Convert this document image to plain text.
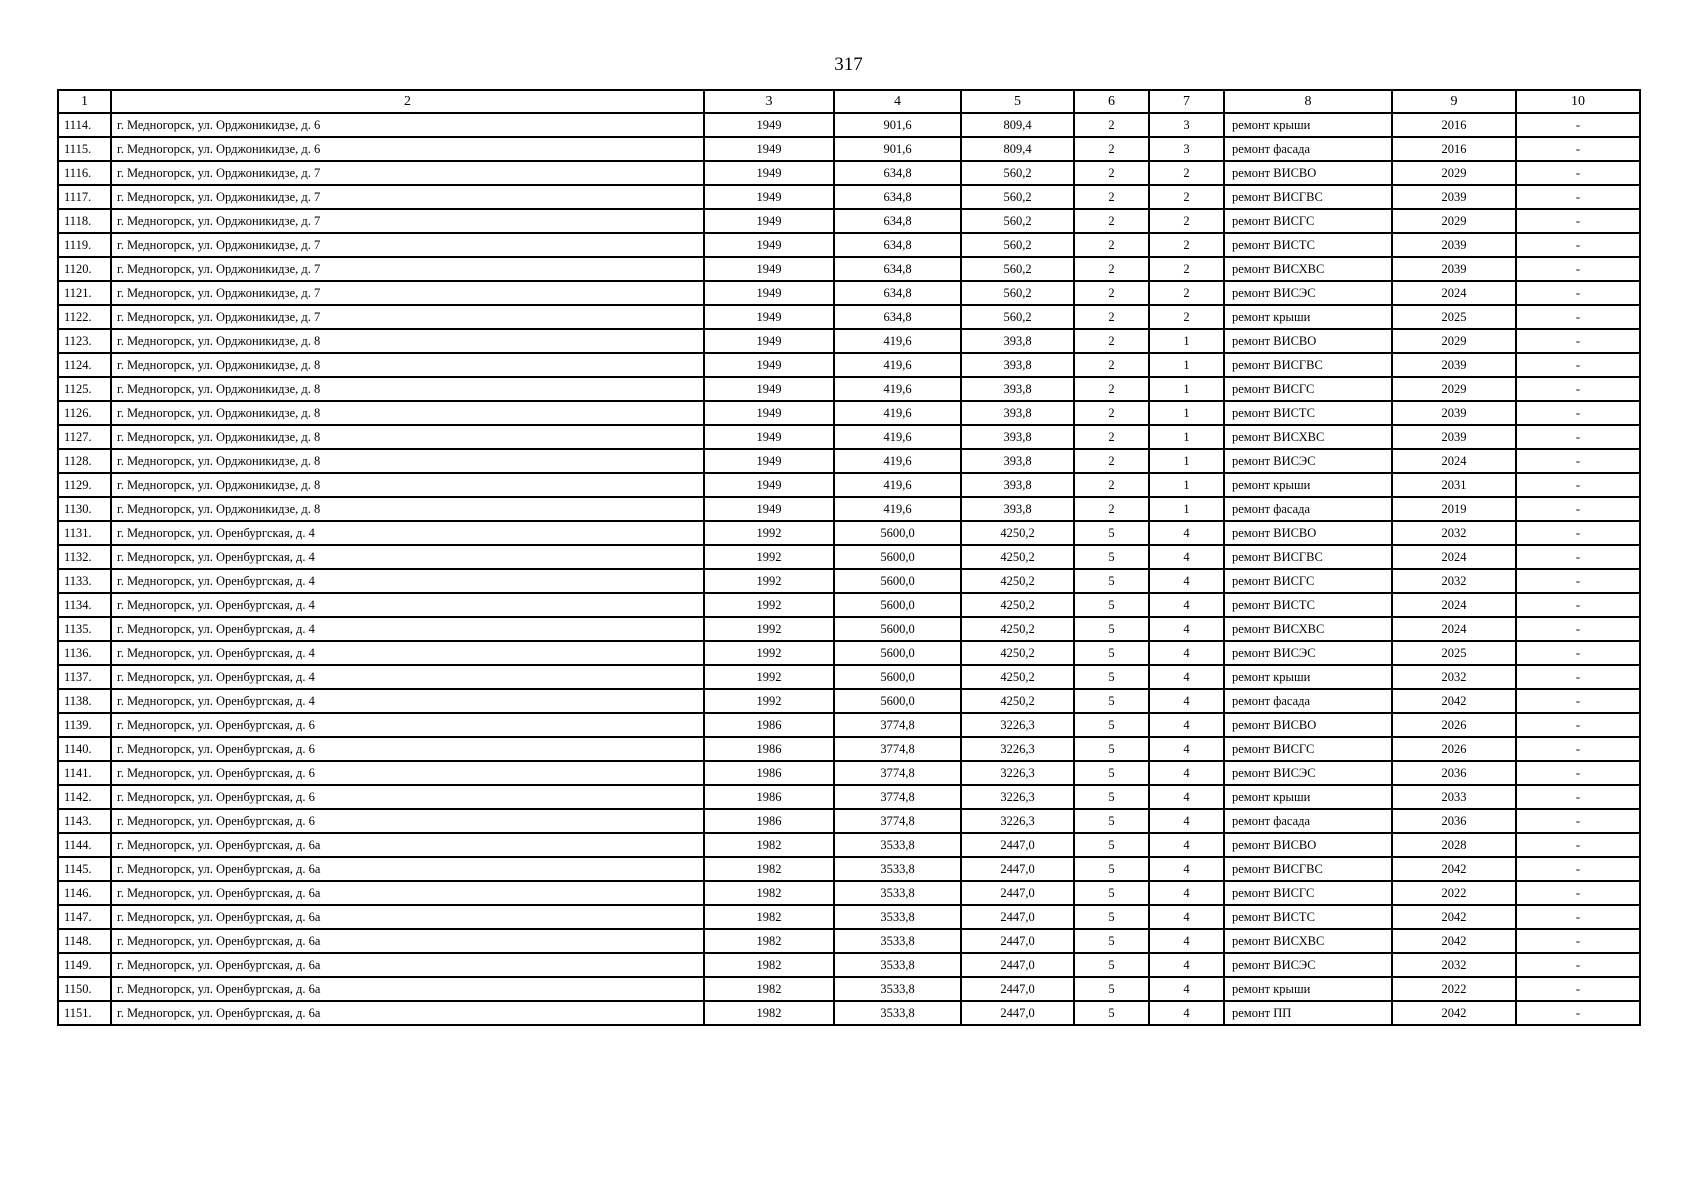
317
1	2	3	4	5	6	7	8	9	10
1114.	г. Медногорск, ул. Орджоникидзе, д. 6	1949	901,6	809,4	2	3	ремонт крыши	2016	-
1115.	г. Медногорск, ул. Орджоникидзе, д. 6	1949	901,6	809,4	2	3	ремонт фасада	2016	-
1116.	г. Медногорск, ул. Орджоникидзе, д. 7	1949	634,8	560,2	2	2	ремонт ВИСВО	2029	-
1117.	г. Медногорск, ул. Орджоникидзе, д. 7	1949	634,8	560,2	2	2	ремонт ВИСГВС	2039	-
1118.	г. Медногорск, ул. Орджоникидзе, д. 7	1949	634,8	560,2	2	2	ремонт ВИСГС	2029	-
1119.	г. Медногорск, ул. Орджоникидзе, д. 7	1949	634,8	560,2	2	2	ремонт ВИСТС	2039	-
1120.	г. Медногорск, ул. Орджоникидзе, д. 7	1949	634,8	560,2	2	2	ремонт ВИСХВС	2039	-
1121.	г. Медногорск, ул. Орджоникидзе, д. 7	1949	634,8	560,2	2	2	ремонт ВИСЭС	2024	-
1122.	г. Медногорск, ул. Орджоникидзе, д. 7	1949	634,8	560,2	2	2	ремонт крыши	2025	-
1123.	г. Медногорск, ул. Орджоникидзе, д. 8	1949	419,6	393,8	2	1	ремонт ВИСВО	2029	-
1124.	г. Медногорск, ул. Орджоникидзе, д. 8	1949	419,6	393,8	2	1	ремонт ВИСГВС	2039	-
1125.	г. Медногорск, ул. Орджоникидзе, д. 8	1949	419,6	393,8	2	1	ремонт ВИСГС	2029	-
1126.	г. Медногорск, ул. Орджоникидзе, д. 8	1949	419,6	393,8	2	1	ремонт ВИСТС	2039	-
1127.	г. Медногорск, ул. Орджоникидзе, д. 8	1949	419,6	393,8	2	1	ремонт ВИСХВС	2039	-
1128.	г. Медногорск, ул. Орджоникидзе, д. 8	1949	419,6	393,8	2	1	ремонт ВИСЭС	2024	-
1129.	г. Медногорск, ул. Орджоникидзе, д. 8	1949	419,6	393,8	2	1	ремонт крыши	2031	-
1130.	г. Медногорск, ул. Орджоникидзе, д. 8	1949	419,6	393,8	2	1	ремонт фасада	2019	-
1131.	г. Медногорск, ул. Оренбургская, д. 4	1992	5600,0	4250,2	5	4	ремонт ВИСВО	2032	-
1132.	г. Медногорск, ул. Оренбургская, д. 4	1992	5600,0	4250,2	5	4	ремонт ВИСГВС	2024	-
1133.	г. Медногорск, ул. Оренбургская, д. 4	1992	5600,0	4250,2	5	4	ремонт ВИСГС	2032	-
1134.	г. Медногорск, ул. Оренбургская, д. 4	1992	5600,0	4250,2	5	4	ремонт ВИСТС	2024	-
1135.	г. Медногорск, ул. Оренбургская, д. 4	1992	5600,0	4250,2	5	4	ремонт ВИСХВС	2024	-
1136.	г. Медногорск, ул. Оренбургская, д. 4	1992	5600,0	4250,2	5	4	ремонт ВИСЭС	2025	-
1137.	г. Медногорск, ул. Оренбургская, д. 4	1992	5600,0	4250,2	5	4	ремонт крыши	2032	-
1138.	г. Медногорск, ул. Оренбургская, д. 4	1992	5600,0	4250,2	5	4	ремонт фасада	2042	-
1139.	г. Медногорск, ул. Оренбургская, д. 6	1986	3774,8	3226,3	5	4	ремонт ВИСВО	2026	-
1140.	г. Медногорск, ул. Оренбургская, д. 6	1986	3774,8	3226,3	5	4	ремонт ВИСГС	2026	-
1141.	г. Медногорск, ул. Оренбургская, д. 6	1986	3774,8	3226,3	5	4	ремонт ВИСЭС	2036	-
1142.	г. Медногорск, ул. Оренбургская, д. 6	1986	3774,8	3226,3	5	4	ремонт крыши	2033	-
1143.	г. Медногорск, ул. Оренбургская, д. 6	1986	3774,8	3226,3	5	4	ремонт фасада	2036	-
1144.	г. Медногорск, ул. Оренбургская, д. 6а	1982	3533,8	2447,0	5	4	ремонт ВИСВО	2028	-
1145.	г. Медногорск, ул. Оренбургская, д. 6а	1982	3533,8	2447,0	5	4	ремонт ВИСГВС	2042	-
1146.	г. Медногорск, ул. Оренбургская, д. 6а	1982	3533,8	2447,0	5	4	ремонт ВИСГС	2022	-
1147.	г. Медногорск, ул. Оренбургская, д. 6а	1982	3533,8	2447,0	5	4	ремонт ВИСТС	2042	-
1148.	г. Медногорск, ул. Оренбургская, д. 6а	1982	3533,8	2447,0	5	4	ремонт ВИСХВС	2042	-
1149.	г. Медногорск, ул. Оренбургская, д. 6а	1982	3533,8	2447,0	5	4	ремонт ВИСЭС	2032	-
1150.	г. Медногорск, ул. Оренбургская, д. 6а	1982	3533,8	2447,0	5	4	ремонт крыши	2022	-
1151.	г. Медногорск, ул. Оренбургская, д. 6а	1982	3533,8	2447,0	5	4	ремонт ПП	2042	-
